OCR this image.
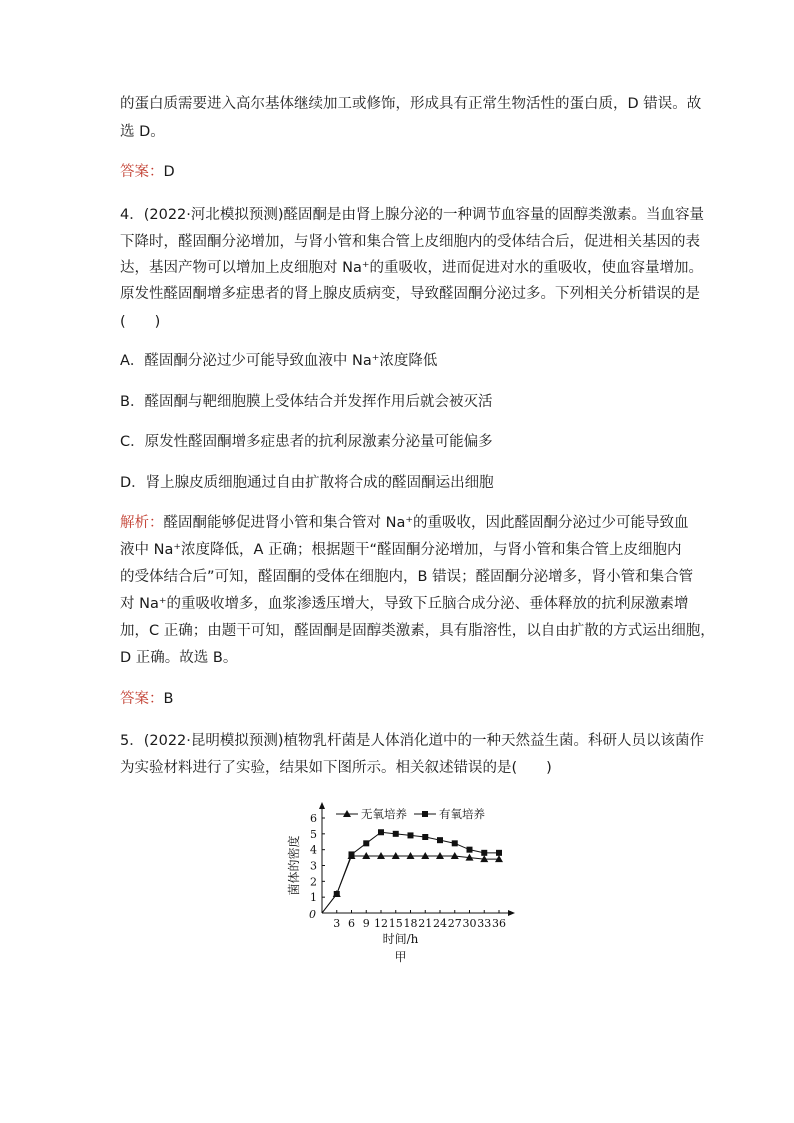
的蛋白质需要进入高尔基体继续加工或修饰，形成具有正常生物活性的蛋白质，D 错误。故
选 D。
答案：D
4．(2022·河北模拟预测)醛固酮是由肾上腺分泌的一种调节血容量的固醇类激素。当血容量
下降时，醛固酮分泌增加，与肾小管和集合管上皮细胞内的受体结合后，促进相关基因的表
达，基因产物可以增加上皮细胞对 Na⁺的重吸收，进而促进对水的重吸收，使血容量增加。
原发性醛固酮增多症患者的肾上腺皮质病变，导致醛固酮分泌过多。下列相关分析错误的是
(　　)
A．醛固酮分泌过少可能导致血液中 Na⁺浓度降低
B．醛固酮与靶细胞膜上受体结合并发挥作用后就会被灭活
C．原发性醛固酮增多症患者的抗利尿激素分泌量可能偏多
D．肾上腺皮质细胞通过自由扩散将合成的醛固酮运出细胞
解析：醛固酮能够促进肾小管和集合管对 Na⁺的重吸收，因此醛固酮分泌过少可能导致血
液中 Na⁺浓度降低，A 正确；根据题干“醛固酮分泌增加，与肾小管和集合管上皮细胞内
的受体结合后”可知，醛固酮的受体在细胞内，B 错误；醛固酮分泌增多，肾小管和集合管
对 Na⁺的重吸收增多，血浆渗透压增大，导致下丘脑合成分泌、垂体释放的抗利尿激素增
加，C 正确；由题干可知，醛固酮是固醇类激素，具有脂溶性，以自由扩散的方式运出细胞，
D 正确。故选 B。
答案：B
5．(2022·昆明模拟预测)植物乳杆菌是人体消化道中的一种天然益生菌。科研人员以该菌作
为实验材料进行了实验，结果如下图所示。相关叙述错误的是(　　)
3 6 9 12 15 18 21 24 27 30 33 36
1
2
3
4
5
6
0
菌体的密度
时间/h
甲
无氧培养	有氧培养
